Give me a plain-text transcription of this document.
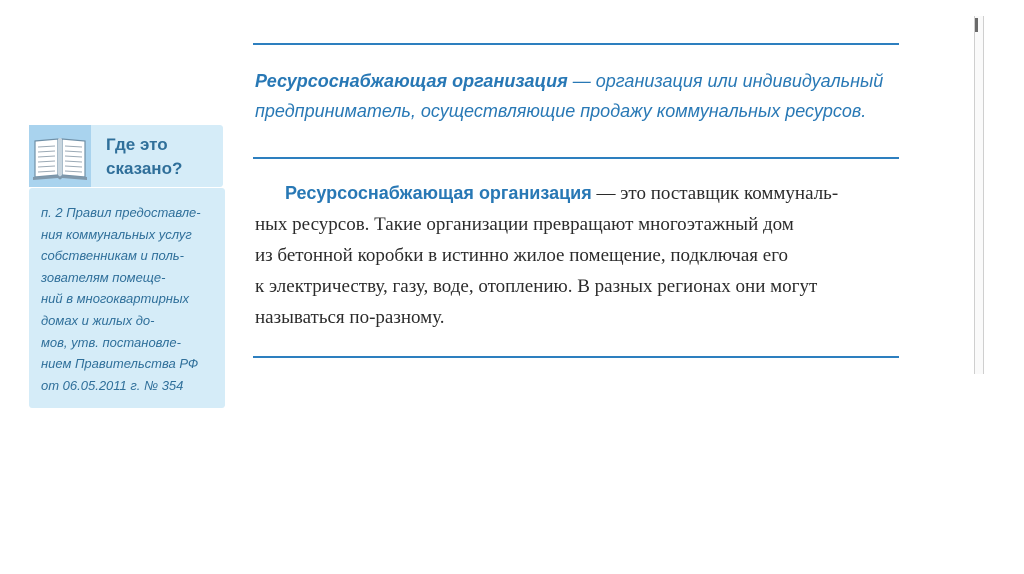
Где это
сказано?

п. 2 Правил предоставле-
ния коммунальных услуг
собственникам и поль-
зователям помеще-
ний в многоквартирных
домах и жилых до-
мов, утв. постановле-
нием Правительства РФ
от 06.05.2011 г. № 354

Ресурсоснабжающая организация — организация или индивидуальный
предприниматель, осуществляющие продажу коммунальных ресурсов.

Ресурсоснабжающая организация — это поставщик коммуналь-
ных ресурсов. Такие организации превращают многоэтажный дом
из бетонной коробки в истинно жилое помещение, подключая его
к электричеству, газу, воде, отоплению. В разных регионах они могут
называться по-разному.
